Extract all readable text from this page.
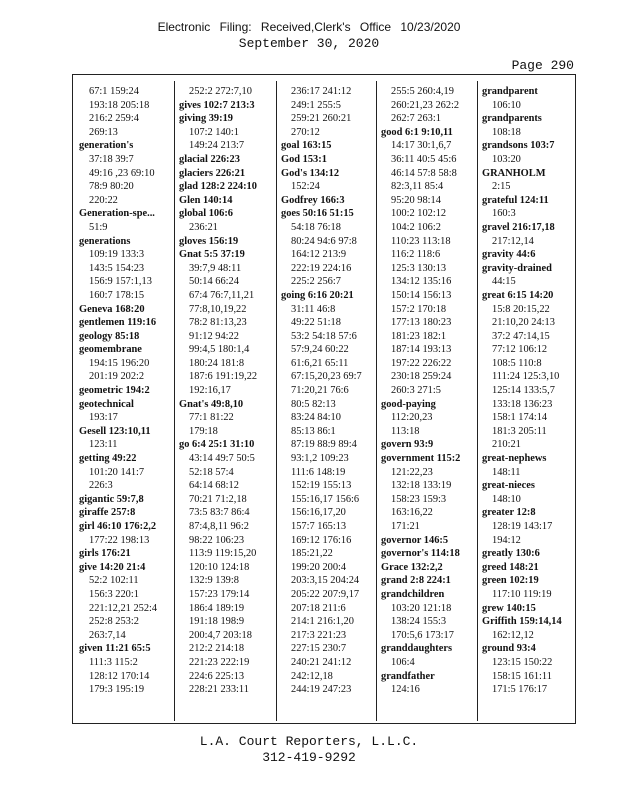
Electronic Filing: Received,Clerk's Office 10/23/2020
September 30, 2020
Page 290
67:1 159:24
193:18 205:18
216:2 259:4
269:13
generation's
37:18 39:7
49:16 ,23 69:10
78:9 80:20
220:22
Generation-spe...
51:9
generations
109:19 133:3
143:5 154:23
156:9 157:1,13
160:7 178:15
Geneva 168:20
gentlemen 119:16
geology 85:18
geomembrane
194:15 196:20
201:19 202:2
geometric 194:2
geotechnical
193:17
Gesell 123:10,11
123:11
getting 49:22
101:20 141:7
226:3
gigantic 59:7,8
giraffe 257:8
girl 46:10 176:2,2
177:22 198:13
girls 176:21
give 14:20 21:4
52:2 102:11
156:3 220:1
221:12,21 252:4
252:8 253:2
263:7,14
given 11:21 65:5
111:3 115:2
128:12 170:14
179:3 195:19
252:2 272:7,10
gives 102:7 213:3
giving 39:19
107:2 140:1
149:24 213:7
glacial 226:23
glaciers 226:21
glad 128:2 224:10
Glen 140:14
global 106:6
236:21
gloves 156:19
Gnat 5:5 37:19
39:7,9 48:11
50:14 66:24
67:4 76:7,11,21
77:8,10,19,22
78:2 81:13,23
91:12 94:22
99:4,5 180:1,4
180:24 181:8
187:6 191:19,22
192:16,17
Gnat's 49:8,10
77:1 81:22
179:18
go 6:4 25:1 31:10
43:14 49:7 50:5
52:18 57:4
64:14 68:12
70:21 71:2,18
73:5 83:7 86:4
87:4,8,11 96:2
98:22 106:23
113:9 119:15,20
120:10 124:18
132:9 139:8
157:23 179:14
186:4 189:19
191:18 198:9
200:4,7 203:18
212:2 214:18
221:23 222:19
224:6 225:13
228:21 233:11
236:17 241:12
249:1 255:5
259:21 260:21
270:12
goal 163:15
God 153:1
God's 134:12
152:24
Godfrey 166:3
goes 50:16 51:15
54:18 76:18
80:24 94:6 97:8
164:12 213:9
222:19 224:16
225:2 256:7
going 6:16 20:21
31:11 46:8
49:22 51:18
53:2 54:18 57:6
57:9,24 60:22
61:6,21 65:11
67:15,20,23 69:7
71:20,21 76:6
80:5 82:13
83:24 84:10
85:13 86:1
87:19 88:9 89:4
93:1,2 109:23
111:6 148:19
152:19 155:13
155:16,17 156:6
156:16,17,20
157:7 165:13
169:12 176:16
185:21,22
199:20 200:4
203:3,15 204:24
205:22 207:9,17
207:18 211:6
214:1 216:1,20
217:3 221:23
227:15 230:7
240:21 241:12
242:12,18
244:19 247:23
255:5 260:4,19
260:21,23 262:2
262:7 263:1
good 6:1 9:10,11
14:17 30:1,6,7
36:11 40:5 45:6
46:14 57:8 58:8
82:3,11 85:4
95:20 98:14
100:2 102:12
104:2 106:2
110:23 113:18
116:2 118:6
125:3 130:13
134:12 135:16
150:14 156:13
157:2 170:18
177:13 180:23
181:23 182:1
187:14 193:13
197:22 226:22
230:18 259:24
260:3 271:5
good-paying
112:20,23
113:18
govern 93:9
government 115:2
121:22,23
132:18 133:19
158:23 159:3
163:16,22
171:21
governor 146:5
governor's 114:18
Grace 132:2,2
grand 2:8 224:1
grandchildren
103:20 121:18
138:24 155:3
170:5,6 173:17
granddaughters
106:4
grandfather
124:16
grandparent
106:10
grandparents
108:18
grandsons 103:7
103:20
GRANHOLM
2:15
grateful 124:11
160:3
gravel 216:17,18
217:12,14
gravity 44:6
gravity-drained
44:15
great 6:15 14:20
15:8 20:15,22
21:10,20 24:13
37:2 47:14,15
77:12 106:12
108:5 110:8
111:24 125:3,10
125:14 133:5,7
133:18 136:23
158:1 174:14
181:3 205:11
210:21
great-nephews
148:11
great-nieces
148:10
greater 12:8
128:19 143:17
194:12
greatly 130:6
greed 148:21
green 102:19
117:10 119:19
grew 140:15
Griffith 159:14,14
162:12,12
ground 93:4
123:15 150:22
158:15 161:11
171:5 176:17
L.A. Court Reporters, L.L.C.
312-419-9292
